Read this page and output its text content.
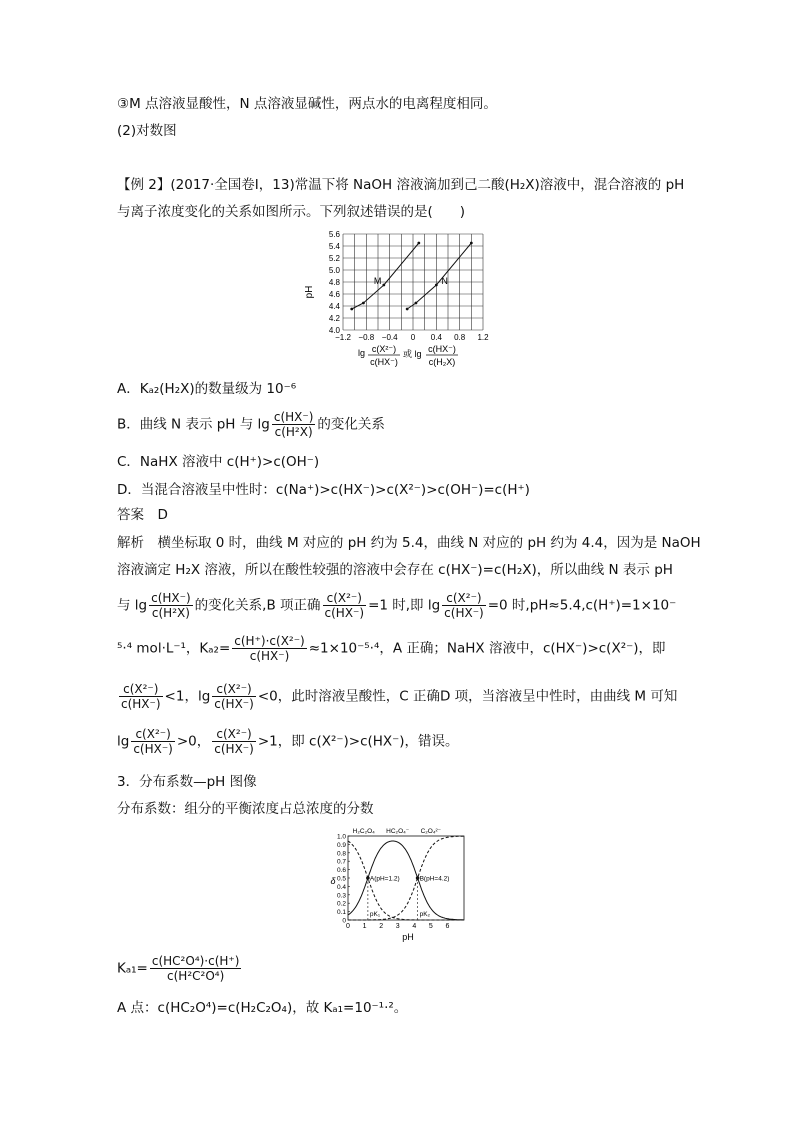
③M 点溶液显酸性，N 点溶液显碱性，两点水的电离程度相同。
(2)对数图
【例 2】(2017·全国卷Ⅰ，13)常温下将 NaOH 溶液滴加到己二酸(H₂X)溶液中，混合溶液的 pH
与离子浓度变化的关系如图所示。下列叙述错误的是(　　)
4.0
4.2
4.4
4.6
4.8
5.0
5.2
5.4
5.6
−1.2 −0.8 −0.4 0 0.4 0.8 1.2
M	N
pH
lg c(X²⁻)
c(HX⁻)
或 lg c(HX⁻)
c(H₂X)
A．Kₐ₂(H₂X)的数量级为 10⁻⁶
B．曲线 N 表示 pH 与 $\lg \frac{c(HX^-)}{\text{c(H²X)}}$ 的变化关系
C．NaHX 溶液中 c(H⁺)>c(OH⁻)
D．当混合溶液呈中性时：c(Na⁺)>c(HX⁻)>c(X²⁻)>c(OH⁻)=c(H⁺)
答案　D
解析　横坐标取 0 时，曲线 M 对应的 pH 约为 5.4，曲线 N 对应的 pH 约为 4.4，因为是 NaOH
溶液滴定 H₂X 溶液，所以在酸性较强的溶液中会存在 c(HX⁻)=c(H₂X)，所以曲线 N 表示 pH
与 $\lg \frac{c(HX^-)}{\text{c(H²X)}}$ 的变化关系,B 项正确 $\frac{\text{c(X²⁻)}}{c(HX^-)} =1$ 时,即 $\lg \frac{\text{c(X²⁻)}}{c(HX^-)} =0$ 时,pH≈5.4,c(H⁺)=1×10⁻
⁵·⁴ mol·L⁻¹，$K_{a2}= \frac{\text{c(H⁺)·c(X²⁻)}}{c(HX^-)} \approx 1\times 10^{-5}\cdot^4$，A 正确；NaHX 溶液中，c(HX⁻)>c(X²⁻)，即
$\frac{\text{c(X²⁻)}}{c(HX^-)} <1$，$\lg \frac{\text{c(X²⁻)}}{c(HX^-)} <0$，此时溶液呈酸性，C 正确D 项，当溶液呈中性时，由曲线 M 可知
$\lg \frac{\text{c(X²⁻)}}{c(HX^-)} >0$， $\frac{\text{c(X²⁻)}}{c(HX^-)} >1$，即 c(X²⁻)>c(HX⁻)，错误。
3．分布系数—pH 图像
分布系数：组分的平衡浓度占总浓度的分数
0
0.1
0.2
0.3
0.4
0.5
0.6
0.7
0.8
0.9
1.0
0 1 2 3 4 5 6
H₂C₂O₄ HC₂O₄⁻ C₂O₄²⁻
A(pH=1.2)
pK₁
B(pH=4.2)
pK₂
δ
pH
$K_{a1}= \frac{\text{c(HC²O⁴)·c(H⁺)}}{\text{c(H²C²O⁴)}}$
A 点：c(HC₂O⁴)=c(H₂C₂O₄)，故 Kₐ₁=10⁻¹·²。
